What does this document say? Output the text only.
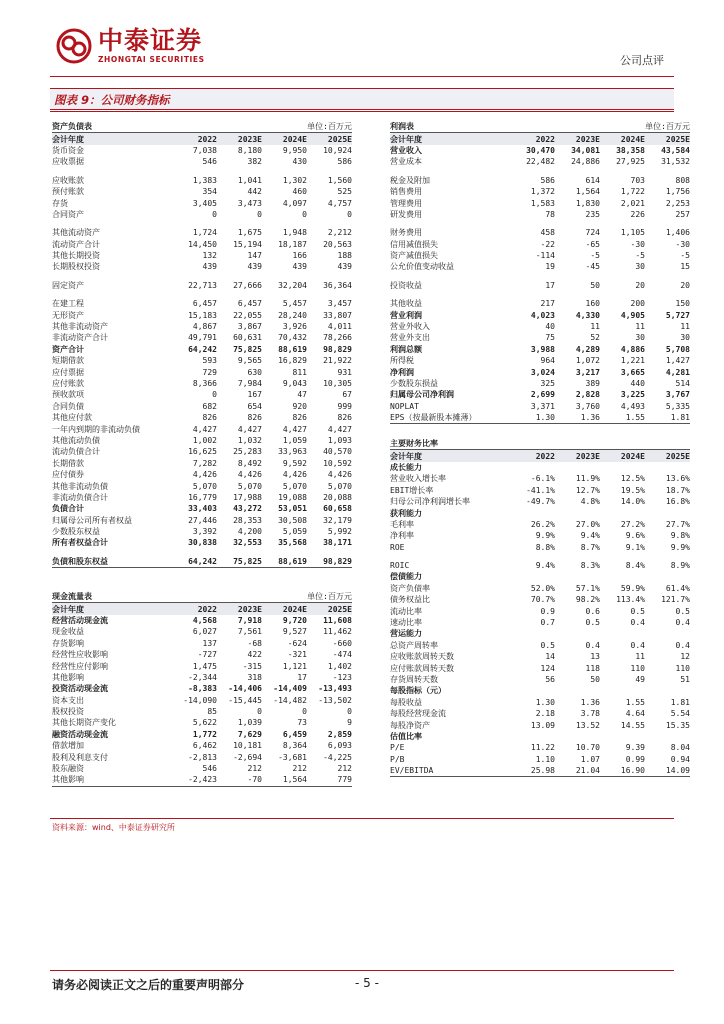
中泰证券
ZHONGTAI SECURITIES	公司点评
图表 9：公司财务指标
资产负债表	单位:百万元
会计年度	2022	2023E	2024E	2025E
货币资金	7,038	8,180	9,950	10,924
应收票据	546	382	430	586
应收账款	1,383	1,041	1,302	1,560
预付账款	354	442	460	525
存货	3,405	3,473	4,097	4,757
合同资产	0	0	0	0
其他流动资产	1,724	1,675	1,948	2,212
流动资产合计	14,450	15,194	18,187	20,563
其他长期投资	132	147	166	188
长期股权投资	439	439	439	439
固定资产	22,713	27,666	32,204	36,364
在建工程	6,457	6,457	5,457	3,457
无形资产	15,183	22,055	28,240	33,807
其他非流动资产	4,867	3,867	3,926	4,011
非流动资产合计	49,791	60,631	70,432	78,266
资产合计	64,242	75,825	88,619	98,829
短期借款	593	9,565	16,829	21,922
应付票据	729	630	811	931
应付账款	8,366	7,984	9,043	10,305
预收款项	0	167	47	67
合同负债	682	654	920	999
其他应付款	826	826	826	826
一年内到期的非流动负债	4,427	4,427	4,427	4,427
其他流动负债	1,002	1,032	1,059	1,093
流动负债合计	16,625	25,283	33,963	40,570
长期借款	7,282	8,492	9,592	10,592
应付债券	4,426	4,426	4,426	4,426
其他非流动负债	5,070	5,070	5,070	5,070
非流动负债合计	16,779	17,988	19,088	20,088
负债合计	33,403	43,272	53,051	60,658
归属母公司所有者权益	27,446	28,353	30,508	32,179
少数股东权益	3,392	4,200	5,059	5,992
所有者权益合计	30,838	32,553	35,568	38,171
负债和股东权益	64,242	75,825	88,619	98,829
利润表	单位:百万元
会计年度	2022	2023E	2024E	2025E
营业收入	30,470	34,081	38,358	43,584
营业成本	22,482	24,886	27,925	31,532
税金及附加	586	614	703	808
销售费用	1,372	1,564	1,722	1,756
管理费用	1,583	1,830	2,021	2,253
研发费用	78	235	226	257
财务费用	458	724	1,105	1,406
信用减值损失	-22	-65	-30	-30
资产减值损失	-114	-5	-5	-5
公允价值变动收益	19	-45	30	15
投资收益	17	50	20	20
其他收益	217	160	200	150
营业利润	4,023	4,330	4,905	5,727
营业外收入	40	11	11	11
营业外支出	75	52	30	30
利润总额	3,988	4,289	4,886	5,708
所得税	964	1,072	1,221	1,427
净利润	3,024	3,217	3,665	4,281
少数股东损益	325	389	440	514
归属母公司净利润	2,699	2,828	3,225	3,767
NOPLAT	3,371	3,760	4,493	5,335
EPS（按最新股本摊薄）	1.30	1.36	1.55	1.81
主要财务比率
会计年度	2022	2023E	2024E	2025E
成长能力
营业收入增长率	-6.1%	11.9%	12.5%	13.6%
EBIT增长率	-41.1%	12.7%	19.5%	18.7%
归母公司净利润增长率	-49.7%	4.8%	14.0%	16.8%
获利能力
毛利率	26.2%	27.0%	27.2%	27.7%
净利率	9.9%	9.4%	9.6%	9.8%
ROE	8.8%	8.7%	9.1%	9.9%
ROIC	9.4%	8.3%	8.4%	8.9%
偿债能力
资产负债率	52.0%	57.1%	59.9%	61.4%
债务权益比	70.7%	98.2%	113.4%	121.7%
流动比率	0.9	0.6	0.5	0.5
速动比率	0.7	0.5	0.4	0.4
营运能力
总资产周转率	0.5	0.4	0.4	0.4
应收账款周转天数	14	13	11	12
应付账款周转天数	124	118	110	110
存货周转天数	56	50	49	51
每股指标（元）
每股收益	1.30	1.36	1.55	1.81
每股经营现金流	2.18	3.78	4.64	5.54
每股净资产	13.09	13.52	14.55	15.35
估值比率
P/E	11.22	10.70	9.39	8.04
P/B	1.10	1.07	0.99	0.94
EV/EBITDA	25.98	21.04	16.90	14.09
现金流量表	单位:百万元
会计年度	2022	2023E	2024E	2025E
经营活动现金流	4,568	7,918	9,720	11,608
现金收益	6,027	7,561	9,527	11,462
存货影响	137	-68	-624	-660
经营性应收影响	-727	422	-321	-474
经营性应付影响	1,475	-315	1,121	1,402
其他影响	-2,344	318	17	-123
投资活动现金流	-8,383	-14,406	-14,409	-13,493
资本支出	-14,090	-15,445	-14,482	-13,502
股权投资	85	0	0	0
其他长期资产变化	5,622	1,039	73	9
融资活动现金流	1,772	7,629	6,459	2,859
借款增加	6,462	10,181	8,364	6,093
股利及利息支付	-2,813	-2,694	-3,681	-4,225
股东融资	546	212	212	212
其他影响	-2,423	-70	1,564	779
资料来源：wind、中泰证券研究所
请务必阅读正文之后的重要声明部分	- 5 -
